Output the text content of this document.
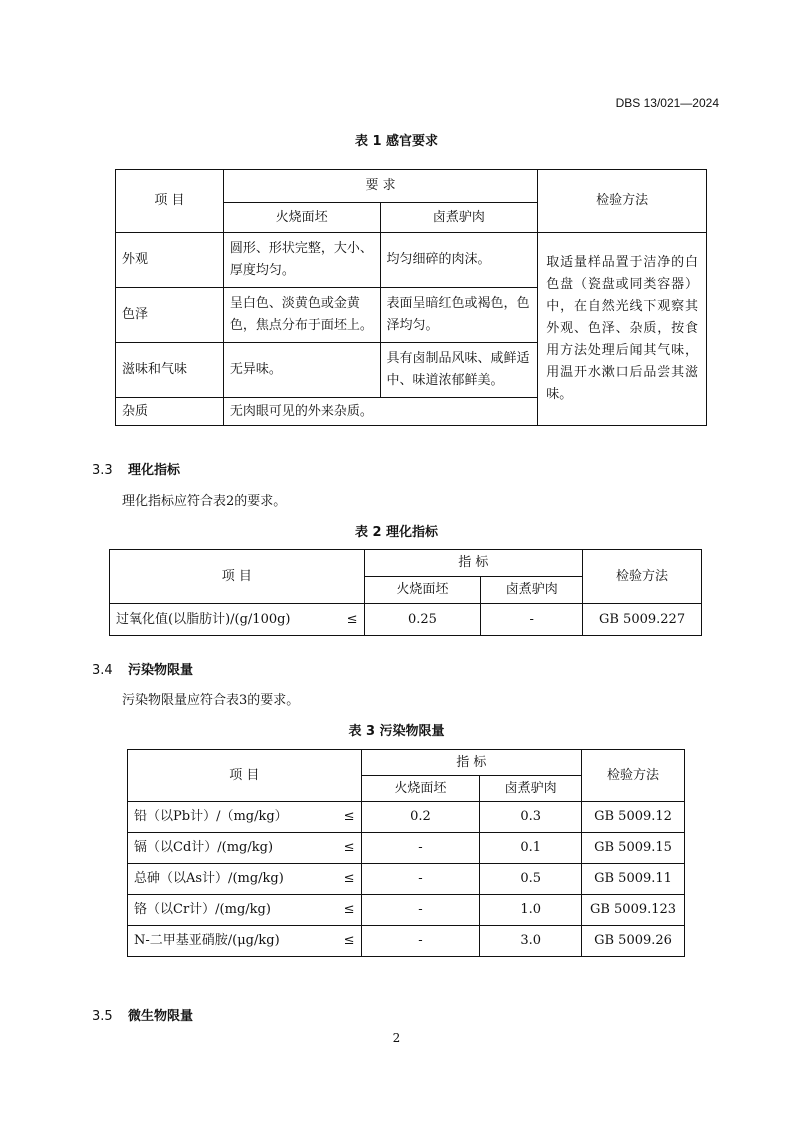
DBS 13/021—2024
表 1 感官要求
项 目	要 求		检验方法
	火烧面坯	卤煮驴肉	
外观	圆形、形状完整，大小、厚度均匀。	均匀细碎的肉沫。	取适量样品置于洁净的白色盘（瓷盘或同类容器）中，在自然光线下观察其外观、色泽、杂质，按食用方法处理后闻其气味，用温开水漱口后品尝其滋味。
色泽	呈白色、淡黄色或金黄色，焦点分布于面坯上。	表面呈暗红色或褐色，色泽均匀。	
滋味和气味	无异味。	具有卤制品风味、咸鲜适中、味道浓郁鲜美。	
杂质	无肉眼可见的外来杂质。		
3.3 理化指标
理化指标应符合表2的要求。
表 2 理化指标
项 目	指 标		检验方法
	火烧面坯	卤煮驴肉	
过氧化值(以脂肪计)/(g/100g) ≤	0.25	-	GB 5009.227
3.4 污染物限量
污染物限量应符合表3的要求。
表 3 污染物限量
项 目	指 标		检验方法
	火烧面坯	卤煮驴肉	
铅（以Pb计）/（mg/kg） ≤	0.2	0.3	GB 5009.12
镉（以Cd计）/(mg/kg) ≤	-	0.1	GB 5009.15
总砷（以As计）/(mg/kg) ≤	-	0.5	GB 5009.11
铬（以Cr计）/(mg/kg) ≤	-	1.0	GB 5009.123
N-二甲基亚硝胺/(μg/kg) ≤	-	3.0	GB 5009.26
3.5 微生物限量
2
